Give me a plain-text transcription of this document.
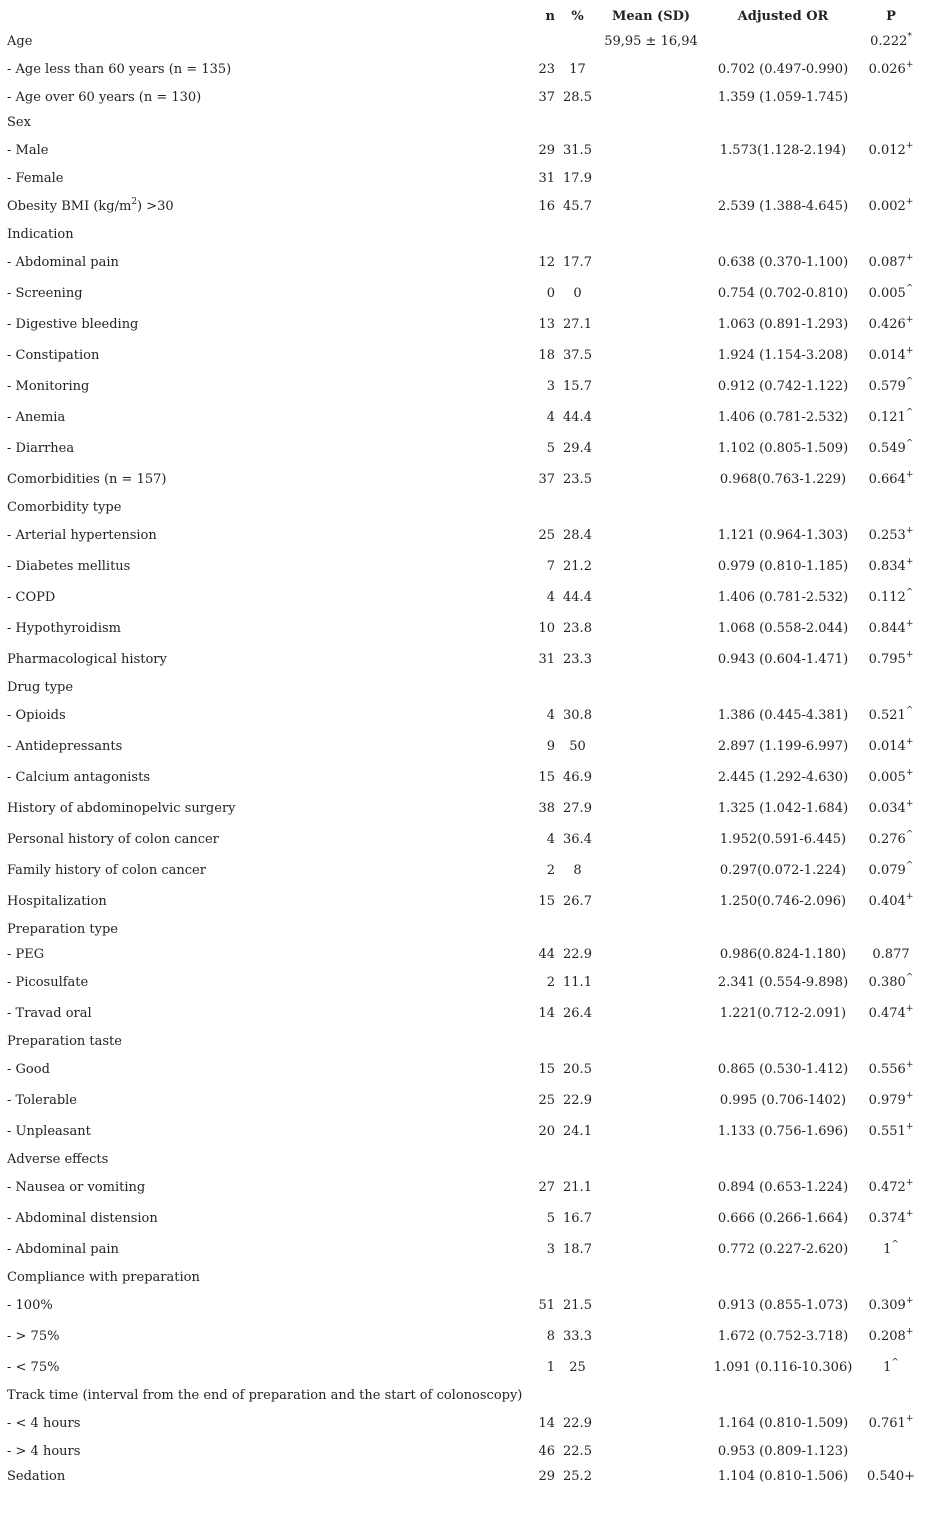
n	%	Mean (SD)	Adjusted OR	P
Age	59,95 ± 16,94	0.222*
- Age less than 60 years (n = 135)	23	17	0.702 (0.497-0.990)	0.026+
- Age over 60 years (n = 130)	37 28.5	1.359 (1.059-1.745)
Sex
- Male	29 31.5	1.573(1.128-2.194)	0.012+
- Female	31 17.9
Obesity BMI $(kg/m^2) >30$	16 45.7	2.539 (1.388-4.645)	0.002+
Indication
- Abdominal pain	12 17.7	0.638 (0.370-1.100)	0.087+
- Screening	0	0	0.754 (0.702-0.810)	0.005^
- Digestive bleeding	13 27.1	1.063 (0.891-1.293)	0.426+
- Constipation	18 37.5	1.924 (1.154-3.208)	0.014+
- Monitoring	3 15.7	0.912 (0.742-1.122)	0.579^
- Anemia	4 44.4	1.406 (0.781-2.532)	0.121^
- Diarrhea	5 29.4	1.102 (0.805-1.509)	0.549^
Comorbidities (n = 157)	37 23.5	0.968(0.763-1.229)	0.664+
Comorbidity type
- Arterial hypertension	25 28.4	1.121 (0.964-1.303)	0.253+
- Diabetes mellitus	7 21.2	0.979 (0.810-1.185)	0.834+
- COPD	4 44.4	1.406 (0.781-2.532)	0.112^
- Hypothyroidism	10 23.8	1.068 (0.558-2.044)	0.844+
Pharmacological history	31 23.3	0.943 (0.604-1.471)	0.795+
Drug type
- Opioids	4 30.8	1.386 (0.445-4.381)	0.521^
- Antidepressants	9	50	2.897 (1.199-6.997)	0.014+
- Calcium antagonists	15 46.9	2.445 (1.292-4.630)	0.005+
History of abdominopelvic surgery	38 27.9	1.325 (1.042-1.684)	0.034+
Personal history of colon cancer	4 36.4	1.952(0.591-6.445)	0.276^
Family history of colon cancer	2	8	0.297(0.072-1.224)	0.079^
Hospitalization	15 26.7	1.250(0.746-2.096)	0.404+
Preparation type
- PEG	44 22.9	0.986(0.824-1.180)	0.877
- Picosulfate	2 11.1	2.341 (0.554-9.898)	0.380^
- Travad oral	14 26.4	1.221(0.712-2.091)	0.474+
Preparation taste
- Good	15 20.5	0.865 (0.530-1.412)	0.556+
- Tolerable	25 22.9	0.995 (0.706-1402)	0.979+
- Unpleasant	20 24.1	1.133 (0.756-1.696)	0.551+
Adverse effects
- Nausea or vomiting	27 21.1	0.894 (0.653-1.224)	0.472+
- Abdominal distension	5 16.7	0.666 (0.266-1.664)	0.374+
- Abdominal pain	3 18.7	0.772 (0.227-2.620)	1^
Compliance with preparation
- 100%	51 21.5	0.913 (0.855-1.073)	0.309+
- > 75%	8 33.3	1.672 (0.752-3.718)	0.208+
- < 75%	1	25	1.091 (0.116-10.306)	1^
Track time (interval from the end of preparation and the start of colonoscopy)
- < 4 hours	14 22.9	1.164 (0.810-1.509)	0.761+
- > 4 hours	46 22.5	0.953 (0.809-1.123)
Sedation	29 25.2	1.104 (0.810-1.506)	0.540+
